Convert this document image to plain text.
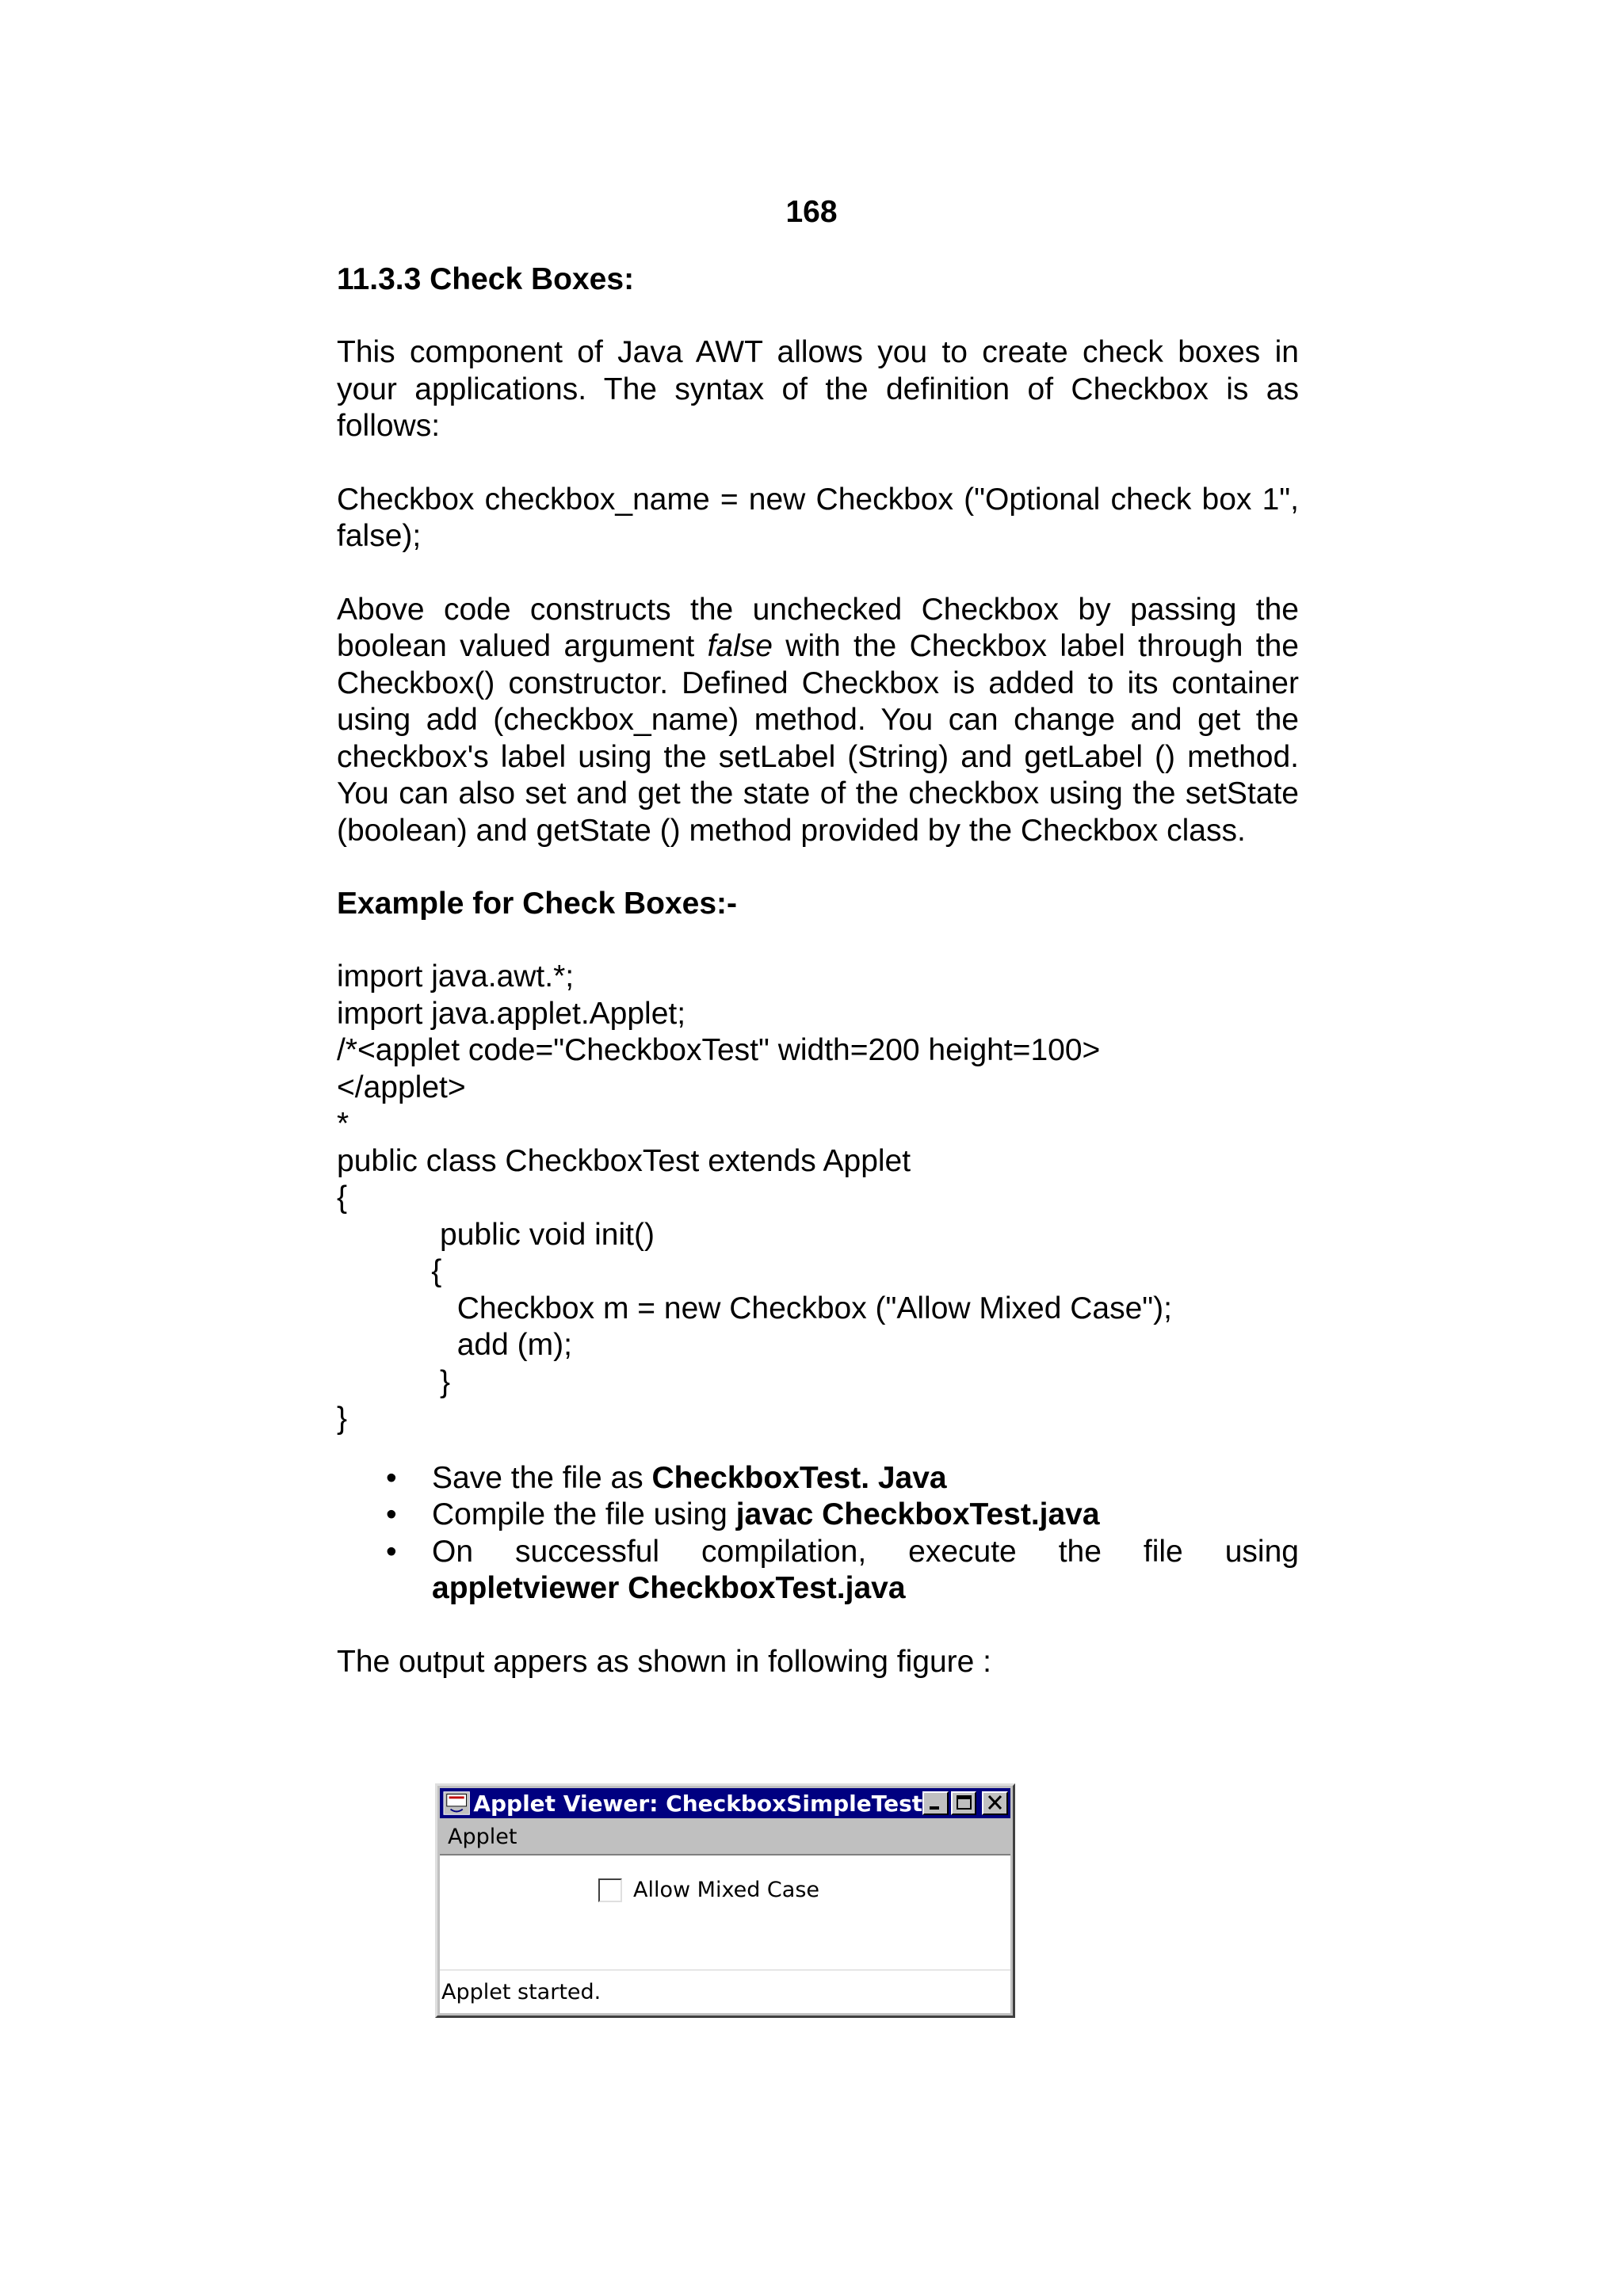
168
11.3.3 Check Boxes:

This component of Java AWT allows you to create check boxes in your applications. The syntax of the definition of Checkbox is as follows:

Checkbox checkbox_name = new Checkbox ("Optional check box 1", false);

Above code constructs the unchecked Checkbox by passing the boolean valued argument false with the Checkbox label through the Checkbox() constructor. Defined Checkbox is added to its container using add (checkbox_name) method. You can change and get the checkbox's label using the setLabel (String) and getLabel () method. You can also set and get the state of the checkbox using the setState (boolean) and getState () method provided by the Checkbox class.

Example for Check Boxes:-
import java.awt.*;
import java.applet.Applet;
/*<applet code="CheckboxTest" width=200 height=100>
</applet>
*
public class CheckboxTest extends Applet
{
public void init()
{
Checkbox m = new Checkbox ("Allow Mixed Case");
add (m);
}
}
• Save the file as CheckboxTest. Java
• Compile the file using javac CheckboxTest.java
• On successful compilation, execute the file using
appletviewer CheckboxTest.java

The output appers as shown in following figure :

Applet Viewer: CheckboxSimpleTest
Applet
Allow Mixed Case
Applet started.
